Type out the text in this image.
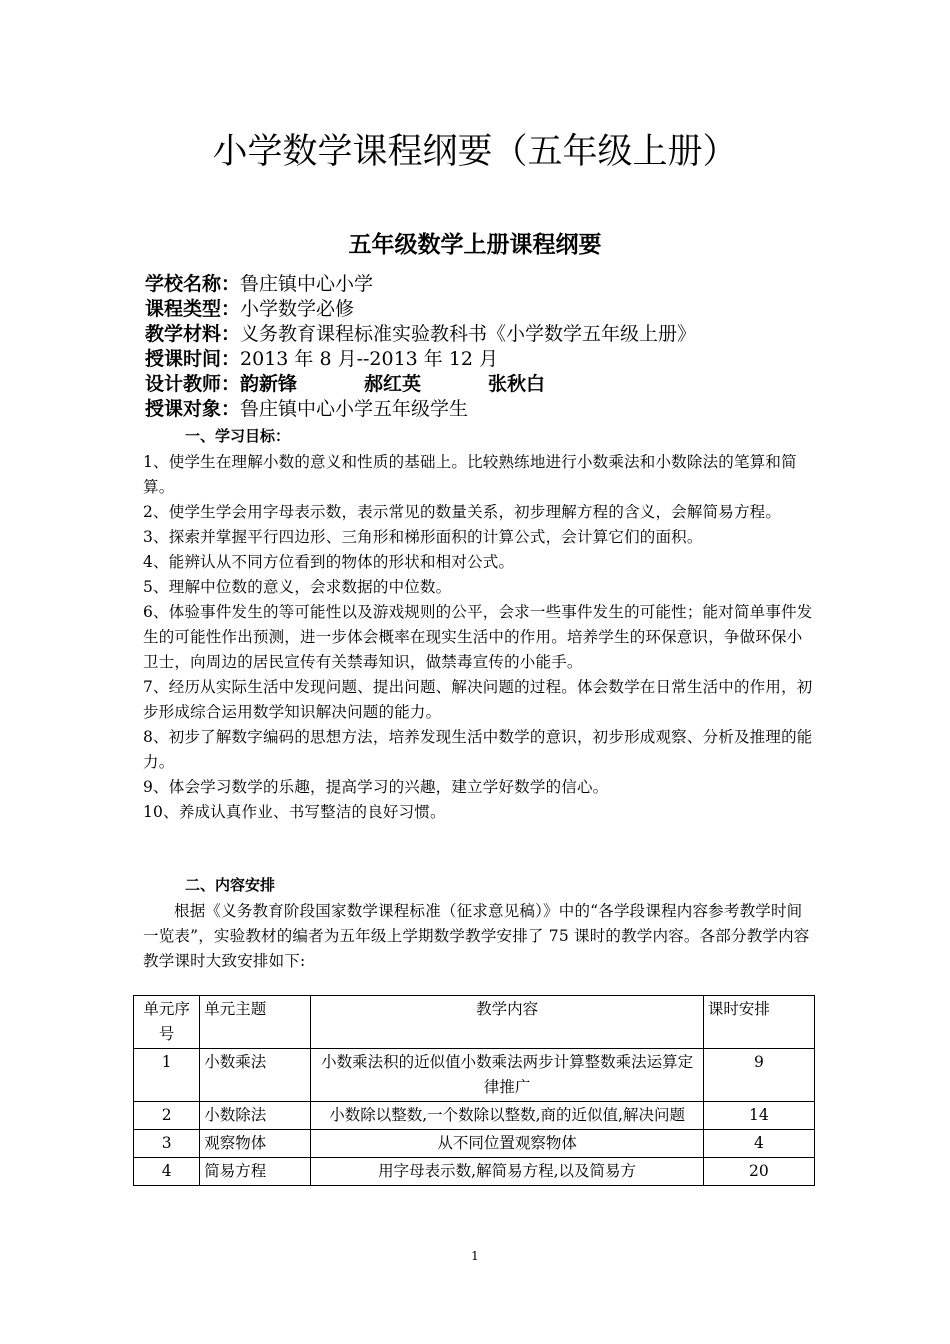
小学数学课程纲要（五年级上册）
五年级数学上册课程纲要
学校名称：鲁庄镇中心小学
课程类型：小学数学必修
教学材料：义务教育课程标准实验教科书《小学数学五年级上册》
授课时间：2013 年 8 月--2013 年 12 月
设计教师：韵新锋	郝红英	张秋白
授课对象：鲁庄镇中心小学五年级学生
一、学习目标：
1、使学生在理解小数的意义和性质的基础上。比较熟练地进行小数乘法和小数除法的笔算和简算。
2、使学生学会用字母表示数，表示常见的数量关系，初步理解方程的含义，会解简易方程。
3、探索并掌握平行四边形、三角形和梯形面积的计算公式，会计算它们的面积。
4、能辨认从不同方位看到的物体的形状和相对公式。
5、理解中位数的意义，会求数据的中位数。
6、体验事件发生的等可能性以及游戏规则的公平，会求一些事件发生的可能性；能对简单事件发生的可能性作出预测，进一步体会概率在现实生活中的作用。培养学生的环保意识，争做环保小卫士，向周边的居民宣传有关禁毒知识，做禁毒宣传的小能手。
7、经历从实际生活中发现问题、提出问题、解决问题的过程。体会数学在日常生活中的作用，初步形成综合运用数学知识解决问题的能力。
8、初步了解数字编码的思想方法，培养发现生活中数学的意识，初步形成观察、分析及推理的能力。
9、体会学习数学的乐趣，提高学习的兴趣，建立学好数学的信心。
10、养成认真作业、书写整洁的良好习惯。
二、内容安排

根据《义务教育阶段国家数学课程标准（征求意见稿）》中的“各学段课程内容参考教学时间一览表”，实验教材的编者为五年级上学期数学教学安排了 75 课时的教学内容。各部分教学内容教学课时大致安排如下:

单元序号	单元主题	教学内容	课时安排
1	小数乘法	小数乘法积的近似值小数乘法两步计算整数乘法运算定律推广	9
2	小数除法	小数除以整数,一个数除以整数,商的近似值,解决问题	14
3	观察物体	从不同位置观察物体	4
4	简易方程	用字母表示数,解简易方程,以及简易方	20
1
